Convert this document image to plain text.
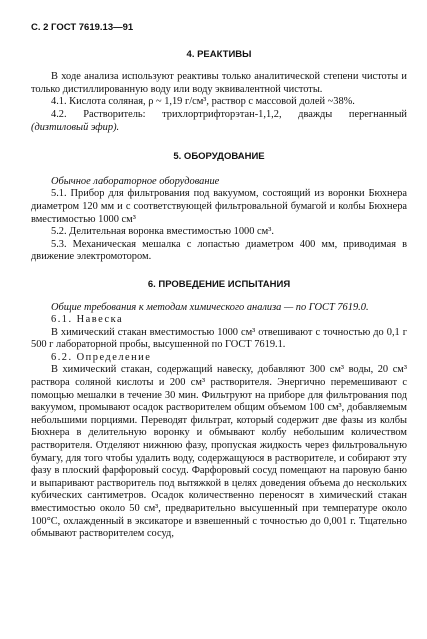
С. 2 ГОСТ 7619.13—91
4. РЕАКТИВЫ

В ходе анализа используют реактивы только аналитической степени чистоты и только дистиллированную воду или воду эквивалентной чистоты.

4.1. Кислота соляная, ρ ~ 1,19 г/см³, раствор с массовой долей ~38%.

4.2. Растворитель: трихлортрифторэтан-1,1,2, дважды перегнанный (дизтиловый эфир).

5. ОБОРУДОВАНИЕ

Обычное лабораторное оборудование

5.1. Прибор для фильтрования под вакуумом, состоящий из воронки Бюхнера диаметром 120 мм и с соответствующей фильтровальной бумагой и колбы Бюхнера вместимостью 1000 см³

5.2. Делительная воронка вместимостью 1000 см³.

5.3. Механическая мешалка с лопастью диаметром 400 мм, приводимая в движение электромотором.

6. ПРОВЕДЕНИЕ ИСПЫТАНИЯ

Общие требования к методам химического анализа — по ГОСТ 7619.0.

6.1. Навеска

В химический стакан вместимостью 1000 см³ отвешивают с точностью до 0,1 г 500 г лабораторной пробы, высушенной по ГОСТ 7619.1.

6.2. Определение

В химический стакан, содержащий навеску, добавляют 300 см³ воды, 20 см³ раствора соляной кислоты и 200 см³ растворителя. Энергично перемешивают с помощью мешалки в течение 30 мин. Фильтруют на приборе для фильтрования под вакуумом, промывают осадок растворителем общим объемом 100 см³, добавляемым небольшими порциями. Переводят фильтрат, который содержит две фазы из колбы Бюхнера в делительную воронку и обмывают колбу небольшим количеством растворителя. Отделяют нижнюю фазу, пропуская жидкость через фильтровальную бумагу, для того чтобы удалить воду, содержащуюся в растворителе, и собирают эту фазу в плоский фарфоровый сосуд. Фарфоровый сосуд помещают на паровую баню и выпаривают растворитель под вытяжкой в целях доведения объема до нескольких кубических сантиметров. Осадок количественно переносят в химический стакан вместимостью около 50 см³, предварительно высушенный при температуре около 100°С, охлажденный в эксикаторе и взвешенный с точностью до 0,001 г. Тщательно обмывают растворителем сосуд,
